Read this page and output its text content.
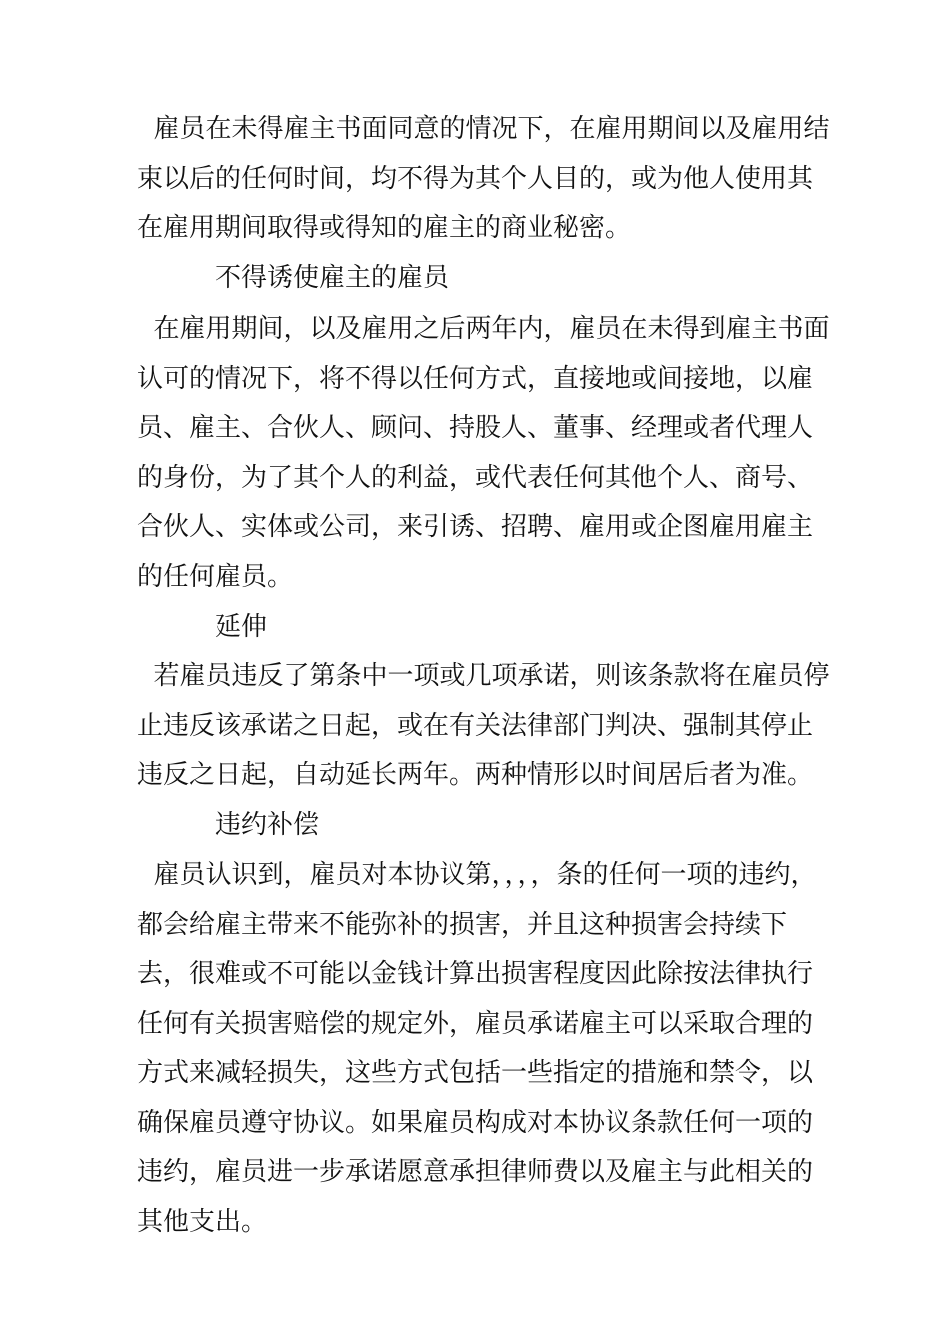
雇员在未得雇主书面同意的情况下，在雇用期间以及雇用结束以后的任何时间，均不得为其个人目的，或为他人使用其在雇用期间取得或得知的雇主的商业秘密。

不得诱使雇主的雇员

在雇用期间，以及雇用之后两年内，雇员在未得到雇主书面认可的情况下，将不得以任何方式，直接地或间接地，以雇员、雇主、合伙人、顾问、持股人、董事、经理或者代理人的身份，为了其个人的利益，或代表任何其他个人、商号、合伙人、实体或公司，来引诱、招聘、雇用或企图雇用雇主的任何雇员。

延伸

若雇员违反了第条中一项或几项承诺，则该条款将在雇员停止违反该承诺之日起，或在有关法律部门判决、强制其停止违反之日起，自动延长两年。两种情形以时间居后者为准。

违约补偿

雇员认识到，雇员对本协议第，，，，条的任何一项的违约，都会给雇主带来不能弥补的损害，并且这种损害会持续下去，很难或不可能以金钱计算出损害程度因此除按法律执行任何有关损害赔偿的规定外，雇员承诺雇主可以采取合理的方式来减轻损失，这些方式包括一些指定的措施和禁令，以确保雇员遵守协议。如果雇员构成对本协议条款任何一项的违约，雇员进一步承诺愿意承担律师费以及雇主与此相关的其他支出。
